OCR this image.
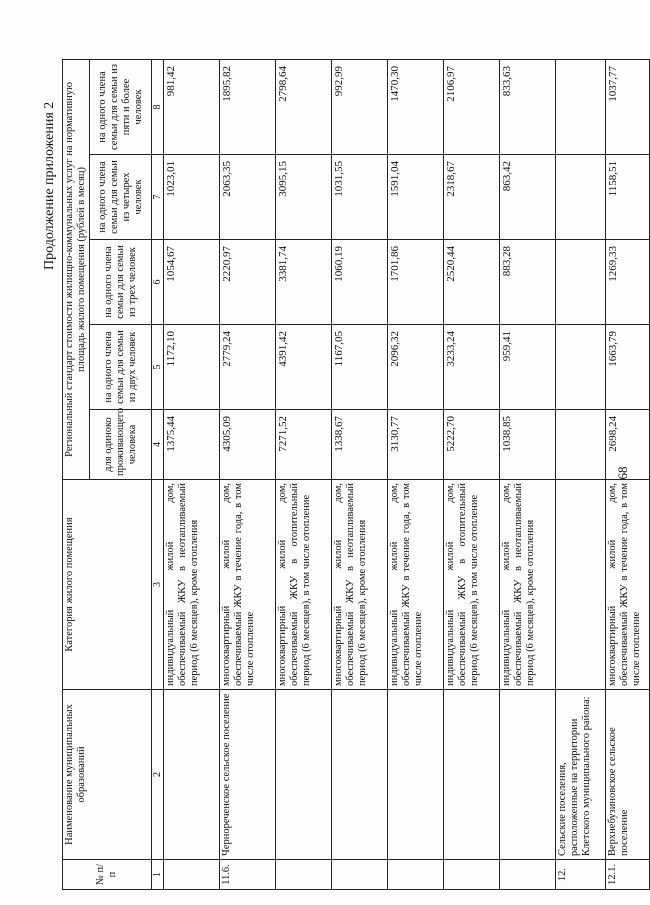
Продолжение приложения 2
№ п/п	Наименование муниципальных образований	Категория жилого помещения	Региональный стандарт стоимости жилищно-коммунальных услуг на нормативную площадь жилого помещения (рублей в месяц)				
			для одиноко проживающего человека	на одного члена семьи для семьи из двух человек	на одного члена семьи для семьи из трех человек	на одного члена семьи для семьи из четырех человек	на одного члена семьи для семьи из пяти и более человек
1	2	3	4	5	6	7	8
		индивидуальный жилой дом, обеспечиваемый ЖКУ в неотапливаемый период (6 месяцев), кроме отопления	1375,44	1172,10	1054,67	1023,01	981,42
11.6.	Чернореченское сельское поселение	многоквартирный жилой дом, обеспечиваемый ЖКУ в течение года, в том числе отопление	4305,09	2779,24	2220,97	2063,35	1895,82
		многоквартирный жилой дом, обеспечиваемый ЖКУ в отопительный период (6 месяцев), в том числе отопление	7271,52	4391,42	3381,74	3095,15	2798,64
		многоквартирный жилой дом, обеспечиваемый ЖКУ в неотапливаемый период (6 месяцев), кроме отопления	1338,67	1167,05	1060,19	1031,55	992,99
		индивидуальный жилой дом, обеспечиваемый ЖКУ в течение года, в том числе отопление	3130,77	2096,32	1701,86	1591,04	1470,30
		индивидуальный жилой дом, обеспечиваемый ЖКУ в отопительный период (6 месяцев), в том числе отопление	5222,70	3233,24	2520,44	2318,67	2106,97
		индивидуальный жилой дом, обеспечиваемый ЖКУ в неотапливаемый период (6 месяцев), кроме отопления	1038,85	959,41	883,28	863,42	833,63
12.	Сельские поселения, расположенные на территории Клетского муниципального района:						
12.1.	Верхнебузиновское сельское поселение	многоквартирный жилой дом, обеспечиваемый ЖКУ в течение года, в том числе отопление	2698,24	1663,79	1269,33	1158,51	1037,77
68
